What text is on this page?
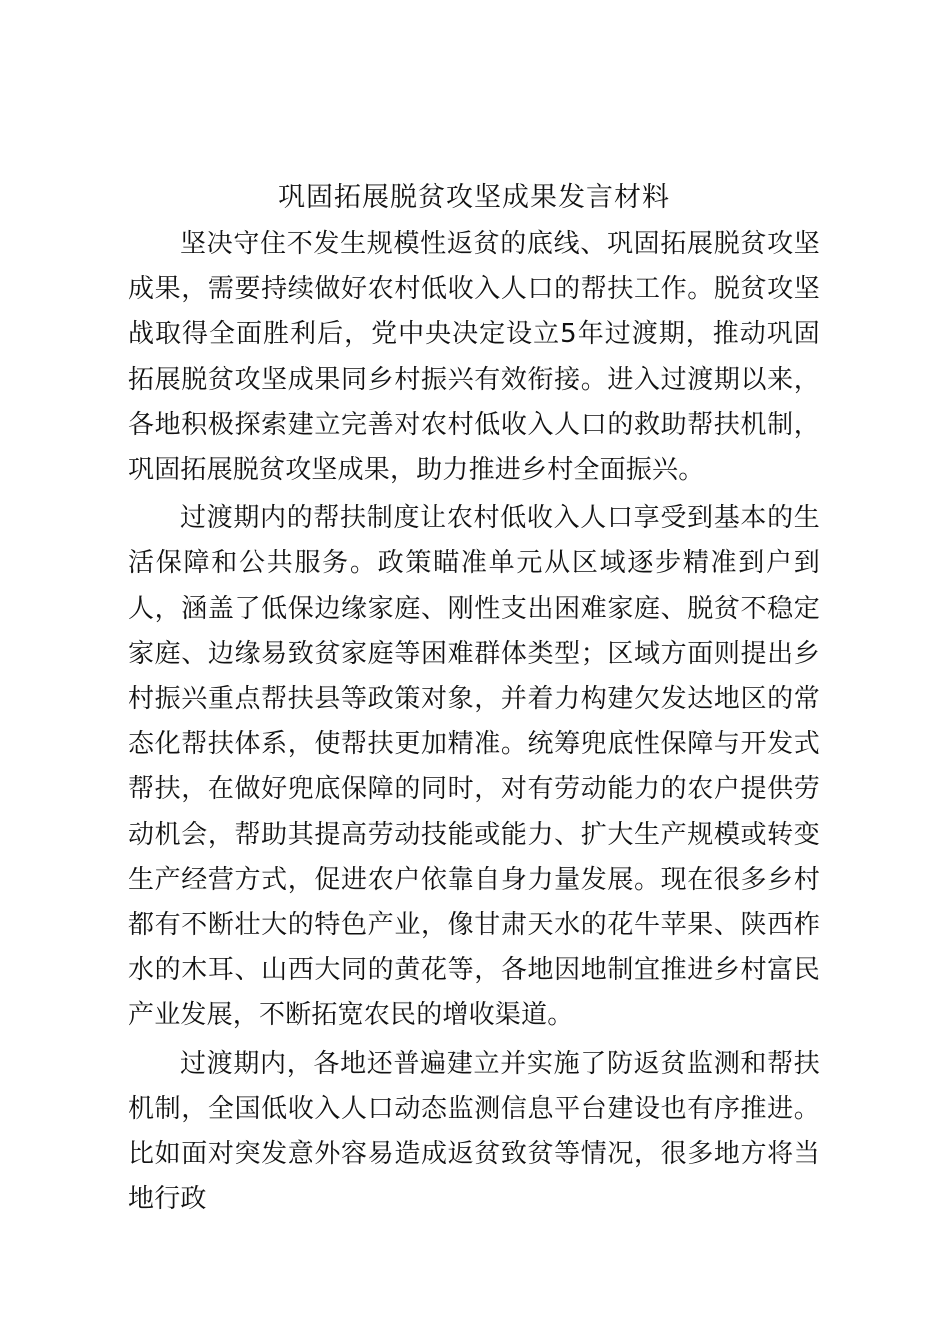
巩固拓展脱贫攻坚成果发言材料

坚决守住不发生规模性返贫的底线、巩固拓展脱贫攻坚成果，需要持续做好农村低收入人口的帮扶工作。脱贫攻坚战取得全面胜利后，党中央决定设立5年过渡期，推动巩固拓展脱贫攻坚成果同乡村振兴有效衔接。进入过渡期以来，各地积极探索建立完善对农村低收入人口的救助帮扶机制，巩固拓展脱贫攻坚成果，助力推进乡村全面振兴。

过渡期内的帮扶制度让农村低收入人口享受到基本的生活保障和公共服务。政策瞄准单元从区域逐步精准到户到人，涵盖了低保边缘家庭、刚性支出困难家庭、脱贫不稳定家庭、边缘易致贫家庭等困难群体类型；区域方面则提出乡村振兴重点帮扶县等政策对象，并着力构建欠发达地区的常态化帮扶体系，使帮扶更加精准。统筹兜底性保障与开发式帮扶，在做好兜底保障的同时，对有劳动能力的农户提供劳动机会，帮助其提高劳动技能或能力、扩大生产规模或转变生产经营方式，促进农户依靠自身力量发展。现在很多乡村都有不断壮大的特色产业，像甘肃天水的花牛苹果、陕西柞水的木耳、山西大同的黄花等，各地因地制宜推进乡村富民产业发展，不断拓宽农民的增收渠道。

过渡期内，各地还普遍建立并实施了防返贫监测和帮扶机制，全国低收入人口动态监测信息平台建设也有序推进。比如面对突发意外容易造成返贫致贫等情况，很多地方将当地行政
